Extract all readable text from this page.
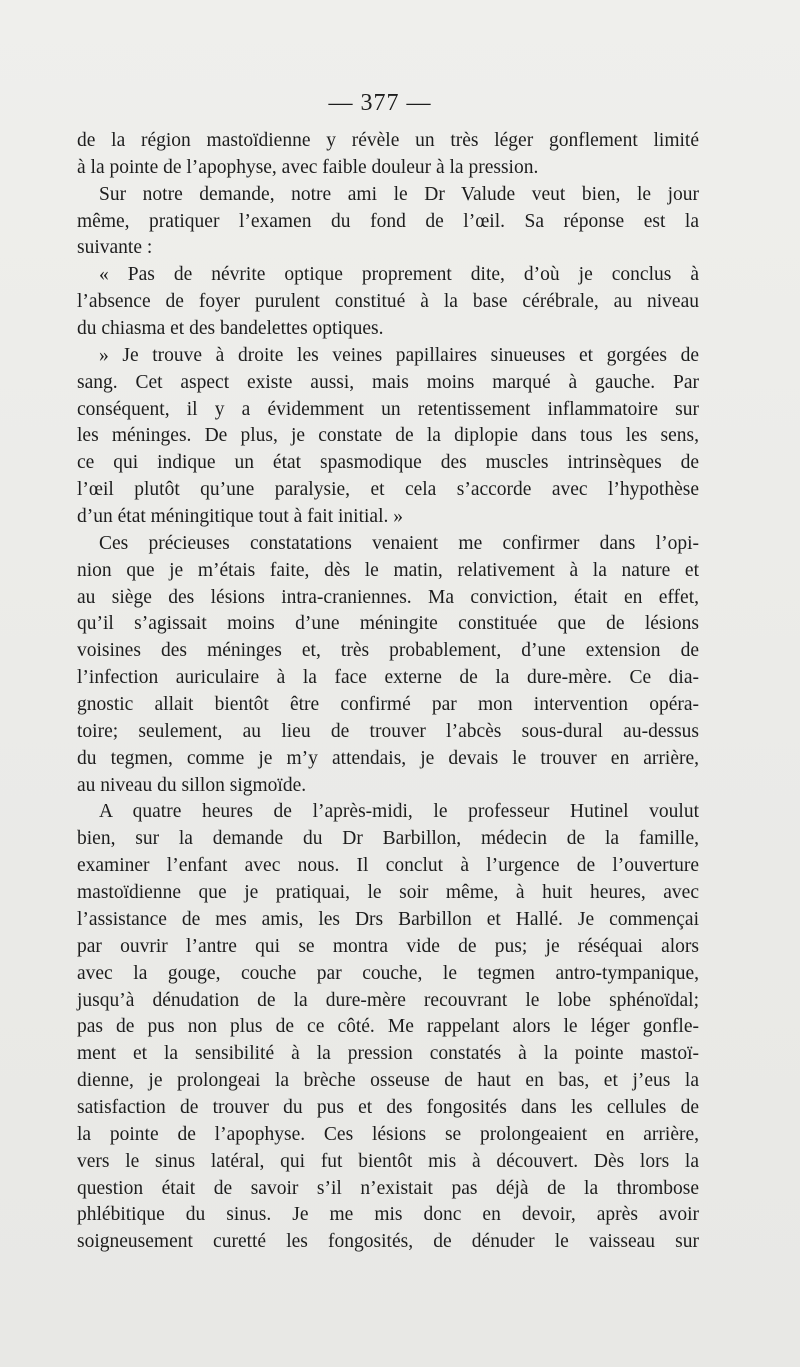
— 377 —
de la région mastoïdienne y révèle un très léger gonflement limité
à la pointe de l’apophyse, avec faible douleur à la pression.
Sur notre demande, notre ami le Dr Valude veut bien, le jour
même, pratiquer l’examen du fond de l’œil. Sa réponse est la
suivante :
« Pas de névrite optique proprement dite, d’où je conclus à
l’absence de foyer purulent constitué à la base cérébrale, au niveau
du chiasma et des bandelettes optiques.
» Je trouve à droite les veines papillaires sinueuses et gorgées de
sang. Cet aspect existe aussi, mais moins marqué à gauche. Par
conséquent, il y a évidemment un retentissement inflammatoire sur
les méninges. De plus, je constate de la diplopie dans tous les sens,
ce qui indique un état spasmodique des muscles intrinsèques de
l’œil plutôt qu’une paralysie, et cela s’accorde avec l’hypothèse
d’un état méningitique tout à fait initial. »
Ces précieuses constatations venaient me confirmer dans l’opi-
nion que je m’étais faite, dès le matin, relativement à la nature et
au siège des lésions intra-craniennes. Ma conviction, était en effet,
qu’il s’agissait moins d’une méningite constituée que de lésions
voisines des méninges et, très probablement, d’une extension de
l’infection auriculaire à la face externe de la dure-mère. Ce dia-
gnostic allait bientôt être confirmé par mon intervention opéra-
toire; seulement, au lieu de trouver l’abcès sous-dural au-dessus
du tegmen, comme je m’y attendais, je devais le trouver en arrière,
au niveau du sillon sigmoïde.
A quatre heures de l’après-midi, le professeur Hutinel voulut
bien, sur la demande du Dr Barbillon, médecin de la famille,
examiner l’enfant avec nous. Il conclut à l’urgence de l’ouverture
mastoïdienne que je pratiquai, le soir même, à huit heures, avec
l’assistance de mes amis, les Drs Barbillon et Hallé. Je commençai
par ouvrir l’antre qui se montra vide de pus; je réséquai alors
avec la gouge, couche par couche, le tegmen antro-tympanique,
jusqu’à dénudation de la dure-mère recouvrant le lobe sphénoïdal;
pas de pus non plus de ce côté. Me rappelant alors le léger gonfle-
ment et la sensibilité à la pression constatés à la pointe mastoï-
dienne, je prolongeai la brèche osseuse de haut en bas, et j’eus la
satisfaction de trouver du pus et des fongosités dans les cellules de
la pointe de l’apophyse. Ces lésions se prolongeaient en arrière,
vers le sinus latéral, qui fut bientôt mis à découvert. Dès lors la
question était de savoir s’il n’existait pas déjà de la thrombose
phlébitique du sinus. Je me mis donc en devoir, après avoir
soigneusement curetté les fongosités, de dénuder le vaisseau sur
